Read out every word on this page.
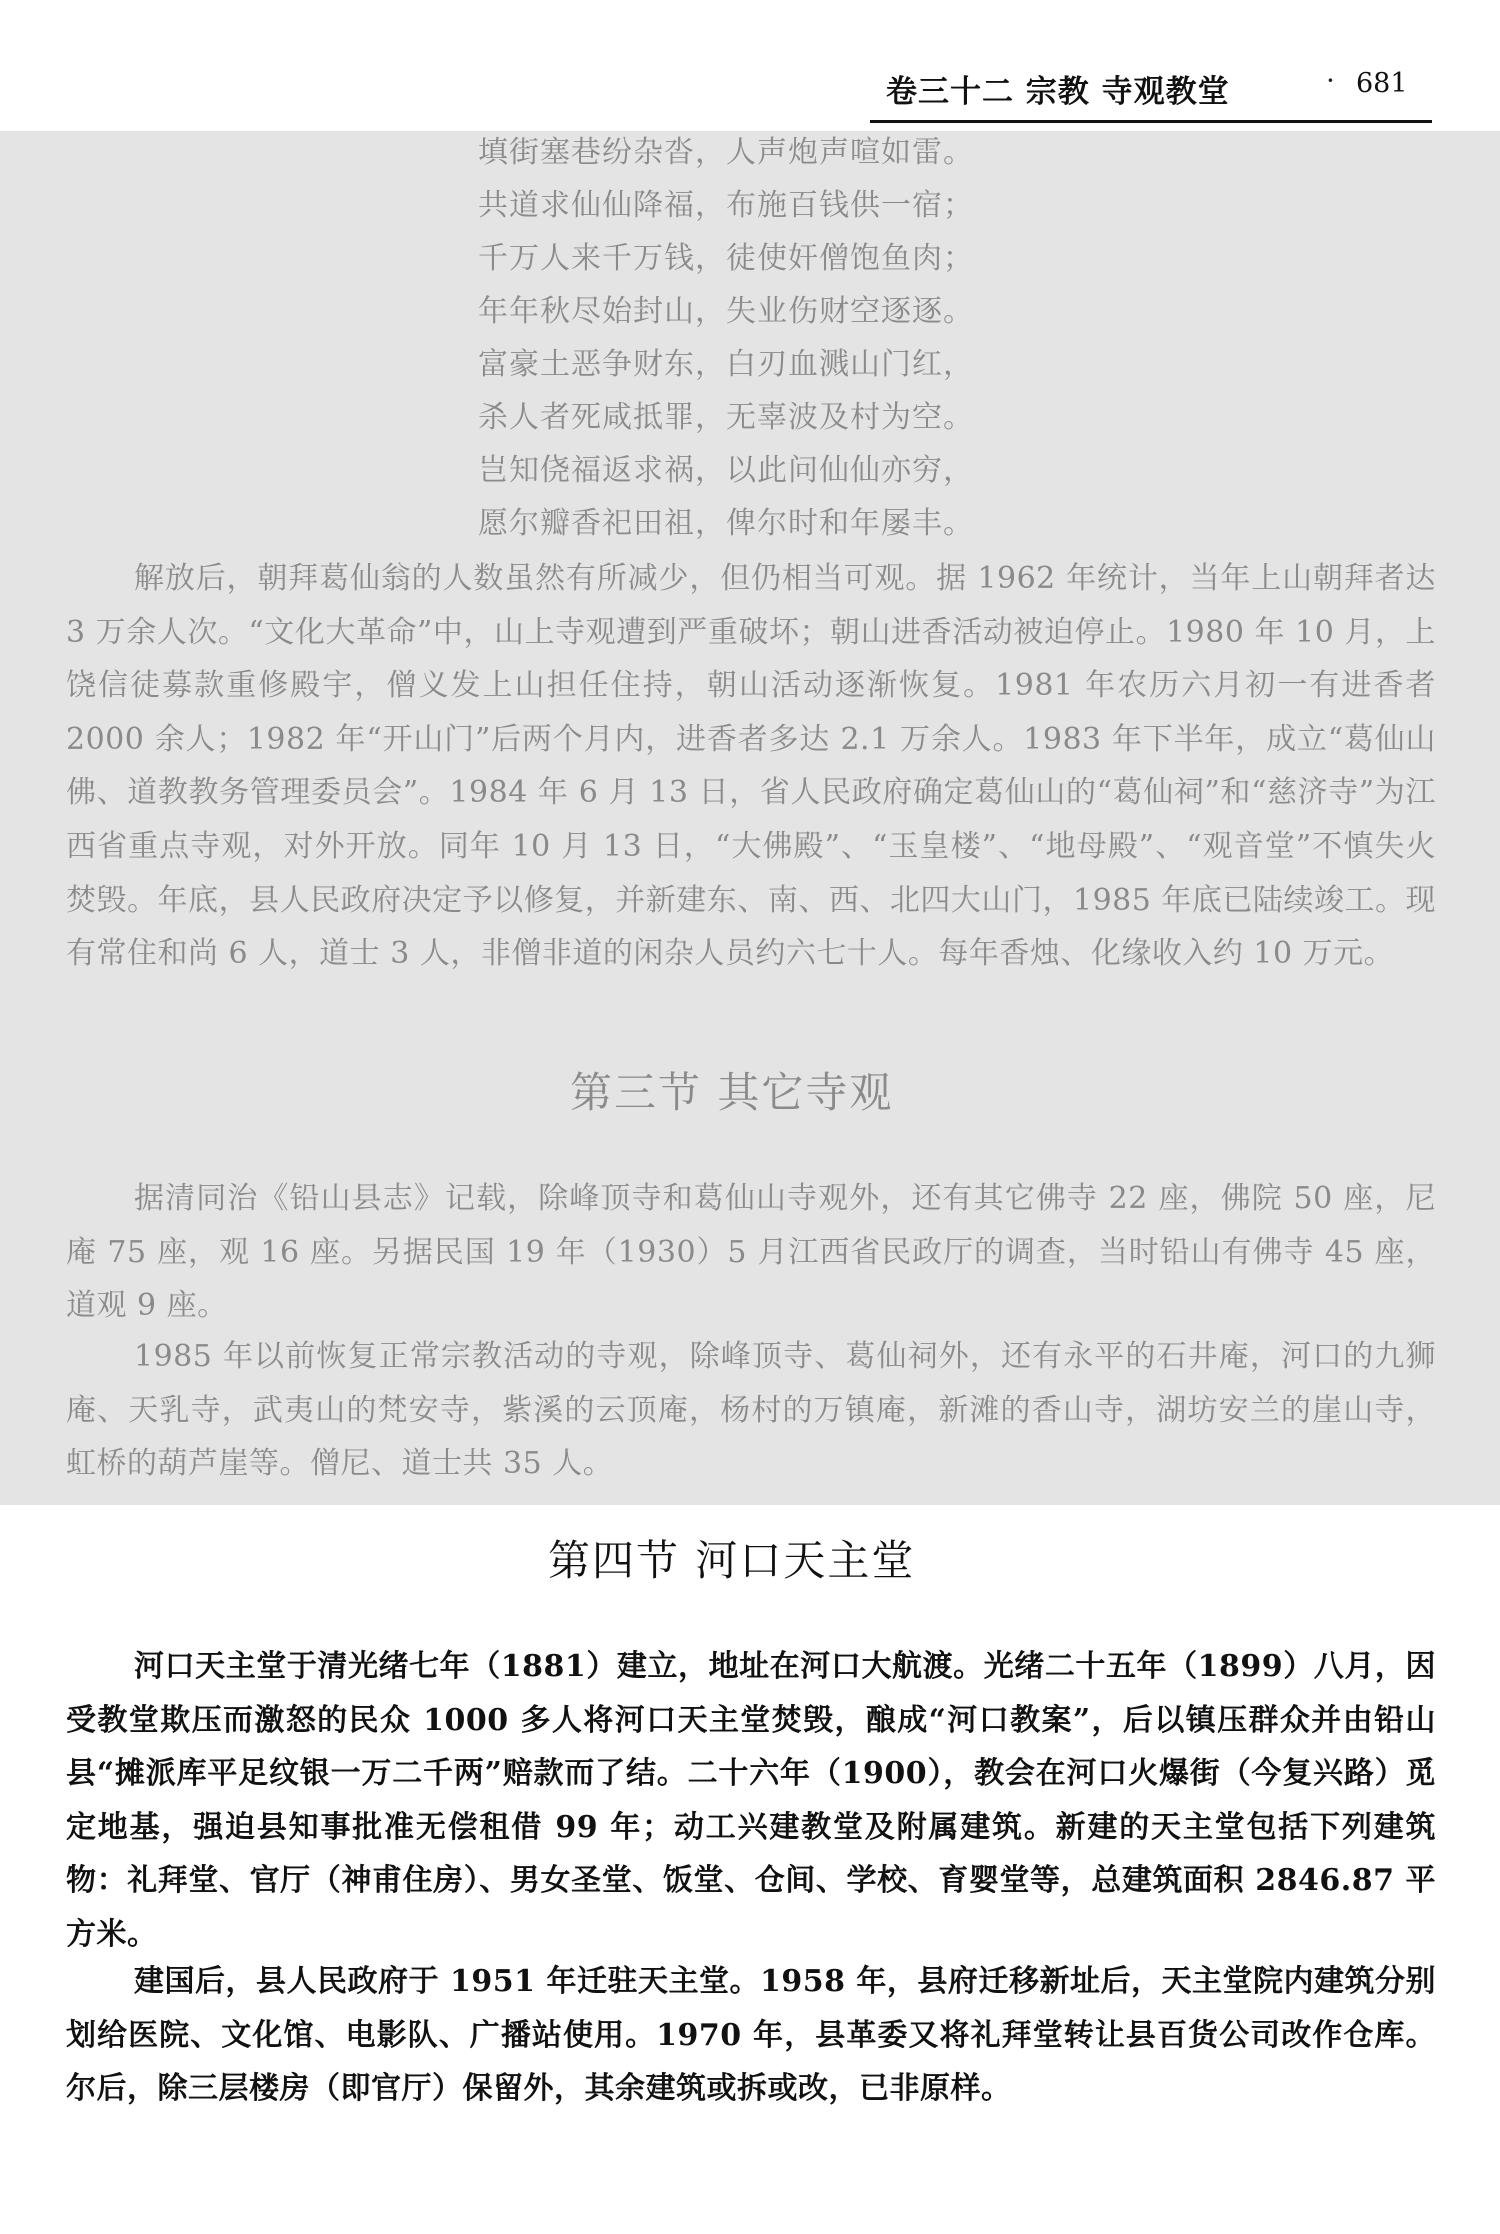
卷三十二 宗教 寺观教堂	· 681
填街塞巷纷杂沓，人声炮声喧如雷。
共道求仙仙降福，布施百钱供一宿；
千万人来千万钱，徒使奸僧饱鱼肉；
年年秋尽始封山，失业伤财空逐逐。
富豪土恶争财东，白刃血溅山门红，
杀人者死咸抵罪，无辜波及村为空。
岂知侥福返求祸，以此问仙仙亦穷，
愿尔瓣香祀田祖，俾尔时和年屡丰。

解放后，朝拜葛仙翁的人数虽然有所减少，但仍相当可观。据 1962 年统计，当年上山朝拜者达 3 万余人次。“文化大革命”中，山上寺观遭到严重破坏；朝山进香活动被迫停止。1980 年 10 月，上饶信徒募款重修殿宇，僧义发上山担任住持，朝山活动逐渐恢复。1981 年农历六月初一有进香者 2000 余人；1982 年“开山门”后两个月内，进香者多达 2.1 万余人。1983 年下半年，成立“葛仙山佛、道教教务管理委员会”。1984 年 6 月 13 日，省人民政府确定葛仙山的“葛仙祠”和“慈济寺”为江西省重点寺观，对外开放。同年 10 月 13 日，“大佛殿”、“玉皇楼”、“地母殿”、“观音堂”不慎失火焚毁。年底，县人民政府决定予以修复，并新建东、南、西、北四大山门，1985 年底已陆续竣工。现有常住和尚 6 人，道士 3 人，非僧非道的闲杂人员约六七十人。每年香烛、化缘收入约 10 万元。

第三节 其它寺观

据清同治《铅山县志》记载，除峰顶寺和葛仙山寺观外，还有其它佛寺 22 座，佛院 50 座，尼庵 75 座，观 16 座。另据民国 19 年（1930）5 月江西省民政厅的调查，当时铅山有佛寺 45 座，道观 9 座。

1985 年以前恢复正常宗教活动的寺观，除峰顶寺、葛仙祠外，还有永平的石井庵，河口的九狮庵、天乳寺，武夷山的梵安寺，紫溪的云顶庵，杨村的万镇庵，新滩的香山寺，湖坊安兰的崖山寺，虹桥的葫芦崖等。僧尼、道士共 35 人。

第四节 河口天主堂

河口天主堂于清光绪七年（1881）建立，地址在河口大航渡。光绪二十五年（1899）八月，因受教堂欺压而激怒的民众 1000 多人将河口天主堂焚毁，酿成“河口教案”，后以镇压群众并由铅山县“摊派库平足纹银一万二千两”赔款而了结。二十六年（1900），教会在河口火爆街（今复兴路）觅定地基，强迫县知事批准无偿租借 99 年；动工兴建教堂及附属建筑。新建的天主堂包括下列建筑物：礼拜堂、官厅（神甫住房）、男女圣堂、饭堂、仓间、学校、育婴堂等，总建筑面积 2846.87 平方米。

建国后，县人民政府于 1951 年迁驻天主堂。1958 年，县府迁移新址后，天主堂院内建筑分别划给医院、文化馆、电影队、广播站使用。1970 年，县革委又将礼拜堂转让县百货公司改作仓库。尔后，除三层楼房（即官厅）保留外，其余建筑或拆或改，已非原样。
